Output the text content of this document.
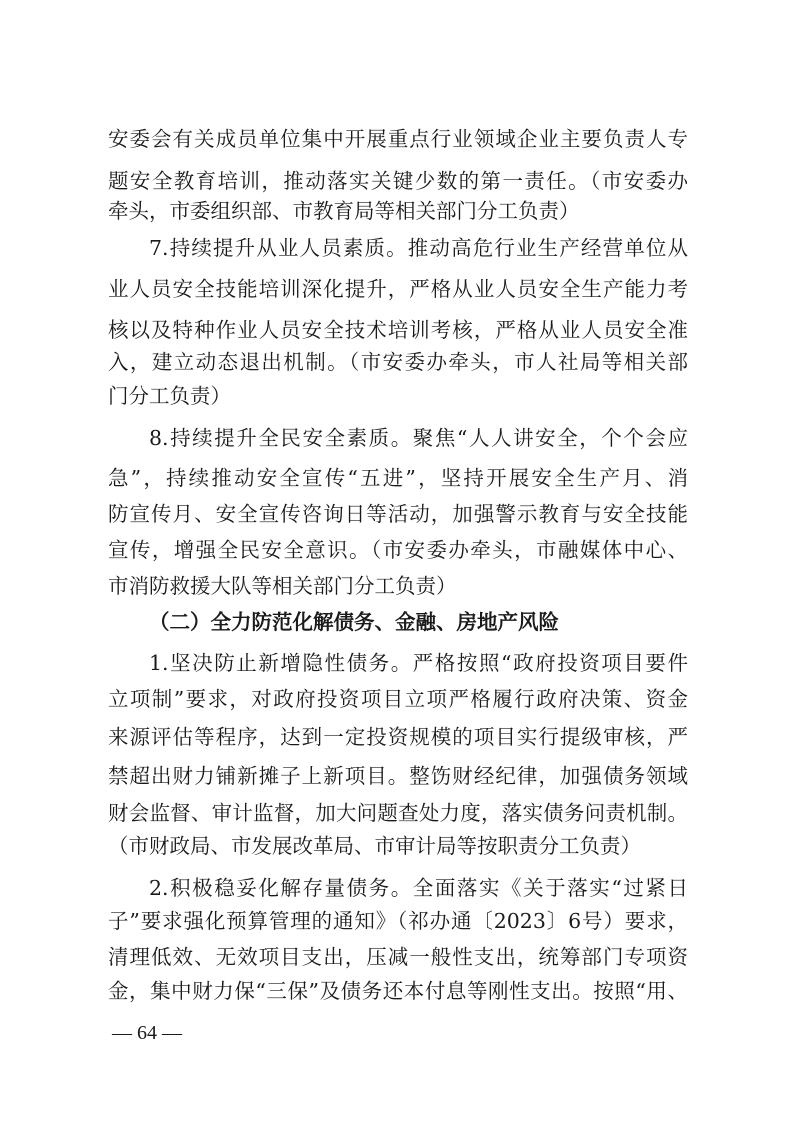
安委会有关成员单位集中开展重点行业领域企业主要负责人专
题安全教育培训，推动落实关键少数的第一责任。（市安委办
牵头，市委组织部、市教育局等相关部门分工负责）
7.持续提升从业人员素质。推动高危行业生产经营单位从
业人员安全技能培训深化提升，严格从业人员安全生产能力考
核以及特种作业人员安全技术培训考核，严格从业人员安全准
入，建立动态退出机制。（市安委办牵头，市人社局等相关部
门分工负责）
8.持续提升全民安全素质。聚焦“人人讲安全，个个会应
急”，持续推动安全宣传“五进”，坚持开展安全生产月、消
防宣传月、安全宣传咨询日等活动，加强警示教育与安全技能
宣传，增强全民安全意识。（市安委办牵头，市融媒体中心、
市消防救援大队等相关部门分工负责）
（二）全力防范化解债务、金融、房地产风险
1.坚决防止新增隐性债务。严格按照“政府投资项目要件
立项制”要求，对政府投资项目立项严格履行政府决策、资金
来源评估等程序，达到一定投资规模的项目实行提级审核，严
禁超出财力铺新摊子上新项目。整饬财经纪律，加强债务领域
财会监督、审计监督，加大问题查处力度，落实债务问责机制。
（市财政局、市发展改革局、市审计局等按职责分工负责）
2.积极稳妥化解存量债务。全面落实《关于落实“过紧日
子”要求强化预算管理的通知》（祁办通〔2023〕6号）要求，
清理低效、无效项目支出，压减一般性支出，统筹部门专项资
金，集中财力保“三保”及债务还本付息等刚性支出。按照“用、
— 64 —
